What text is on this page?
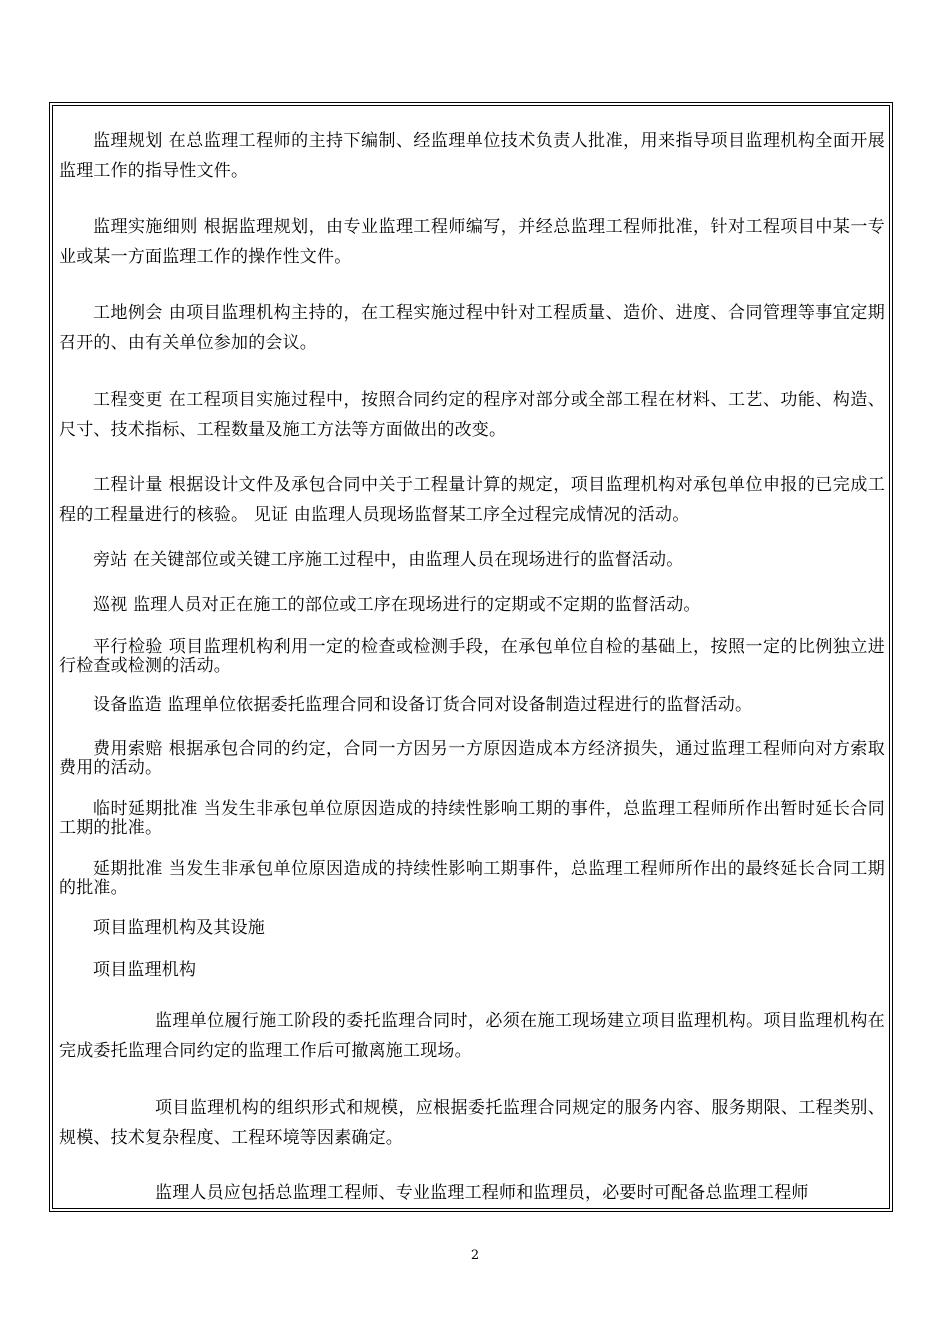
监理规划 在总监理工程师的主持下编制、经监理单位技术负责人批准，用来指导项目监理机构全面开展监理工作的指导性文件。
监理实施细则 根据监理规划，由专业监理工程师编写，并经总监理工程师批准，针对工程项目中某一专业或某一方面监理工作的操作性文件。
工地例会 由项目监理机构主持的，在工程实施过程中针对工程质量、造价、进度、合同管理等事宜定期召开的、由有关单位参加的会议。
工程变更 在工程项目实施过程中，按照合同约定的程序对部分或全部工程在材料、工艺、功能、构造、尺寸、技术指标、工程数量及施工方法等方面做出的改变。
工程计量 根据设计文件及承包合同中关于工程量计算的规定，项目监理机构对承包单位申报的已完成工程的工程量进行的核验。 见证 由监理人员现场监督某工序全过程完成情况的活动。
旁站 在关键部位或关键工序施工过程中，由监理人员在现场进行的监督活动。
巡视 监理人员对正在施工的部位或工序在现场进行的定期或不定期的监督活动。
平行检验 项目监理机构利用一定的检查或检测手段，在承包单位自检的基础上，按照一定的比例独立进行检查或检测的活动。
设备监造 监理单位依据委托监理合同和设备订货合同对设备制造过程进行的监督活动。
费用索赔 根据承包合同的约定，合同一方因另一方原因造成本方经济损失，通过监理工程师向对方索取费用的活动。
临时延期批准 当发生非承包单位原因造成的持续性影响工期的事件，总监理工程师所作出暂时延长合同工期的批准。
延期批准 当发生非承包单位原因造成的持续性影响工期事件，总监理工程师所作出的最终延长合同工期的批准。
项目监理机构及其设施
项目监理机构
监理单位履行施工阶段的委托监理合同时，必须在施工现场建立项目监理机构。项目监理机构在完成委托监理合同约定的监理工作后可撤离施工现场。
项目监理机构的组织形式和规模，应根据委托监理合同规定的服务内容、服务期限、工程类别、规模、技术复杂程度、工程环境等因素确定。
监理人员应包括总监理工程师、专业监理工程师和监理员，必要时可配备总监理工程师
2
